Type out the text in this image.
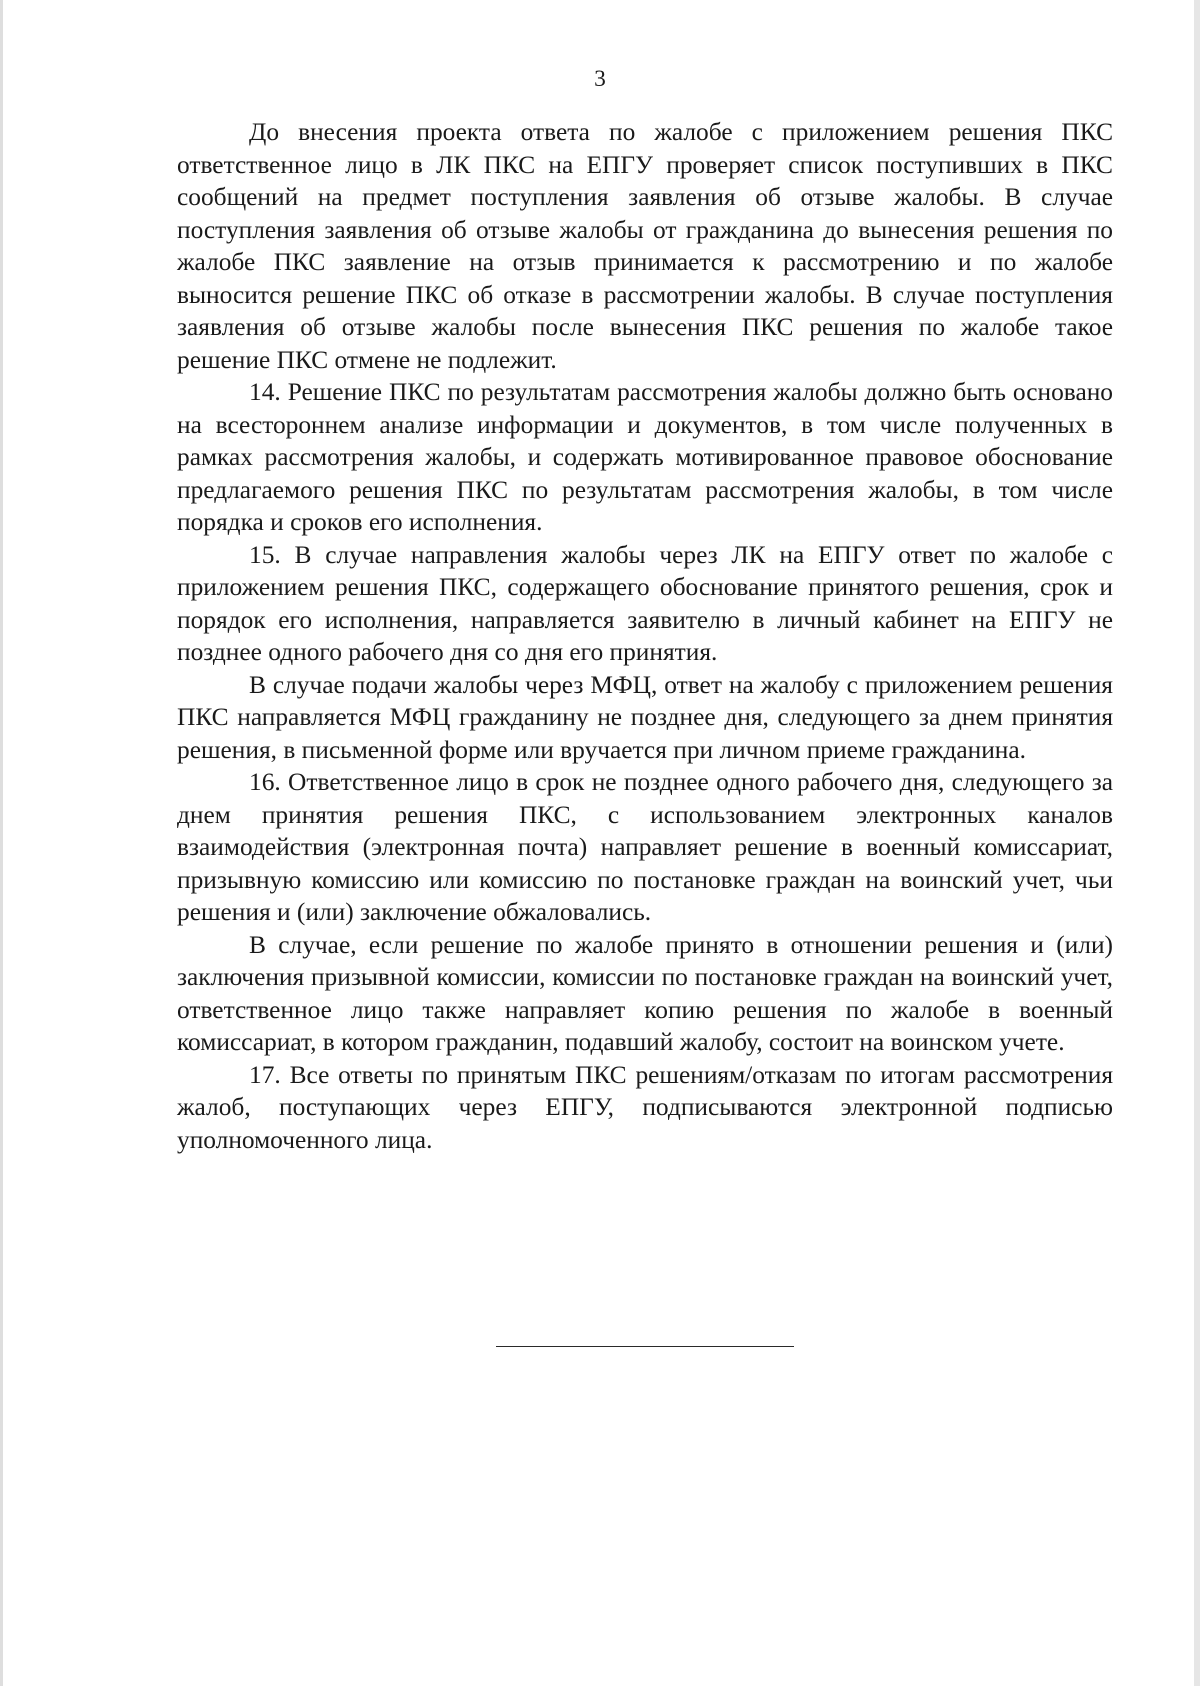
3

До внесения проекта ответа по жалобе с приложением решения ПКС ответственное лицо в ЛК ПКС на ЕПГУ проверяет список поступивших в ПКС сообщений на предмет поступления заявления об отзыве жалобы. В случае поступления заявления об отзыве жалобы от гражданина до вынесения решения по жалобе ПКС заявление на отзыв принимается к рассмотрению и по жалобе выносится решение ПКС об отказе в рассмотрении жалобы. В случае поступления заявления об отзыве жалобы после вынесения ПКС решения по жалобе такое решение ПКС отмене не подлежит.

14. Решение ПКС по результатам рассмотрения жалобы должно быть основано на всестороннем анализе информации и документов, в том числе полученных в рамках рассмотрения жалобы, и содержать мотивированное правовое обоснование предлагаемого решения ПКС по результатам рассмотрения жалобы, в том числе порядка и сроков его исполнения.

15. В случае направления жалобы через ЛК на ЕПГУ ответ по жалобе с приложением решения ПКС, содержащего обоснование принятого решения, срок и порядок его исполнения, направляется заявителю в личный кабинет на ЕПГУ не позднее одного рабочего дня со дня его принятия.

В случае подачи жалобы через МФЦ, ответ на жалобу с приложением решения ПКС направляется МФЦ гражданину не позднее дня, следующего за днем принятия решения, в письменной форме или вручается при личном приеме гражданина.

16. Ответственное лицо в срок не позднее одного рабочего дня, следующего за днем принятия решения ПКС, с использованием электронных каналов взаимодействия (электронная почта) направляет решение в военный комиссариат, призывную комиссию или комиссию по постановке граждан на воинский учет, чьи решения и (или) заключение обжаловались.

В случае, если решение по жалобе принято в отношении решения и (или) заключения призывной комиссии, комиссии по постановке граждан на воинский учет, ответственное лицо также направляет копию решения по жалобе в военный комиссариат, в котором гражданин, подавший жалобу, состоит на воинском учете.

17. Все ответы по принятым ПКС решениям/отказам по итогам рассмотрения жалоб, поступающих через ЕПГУ, подписываются электронной подписью уполномоченного лица.
